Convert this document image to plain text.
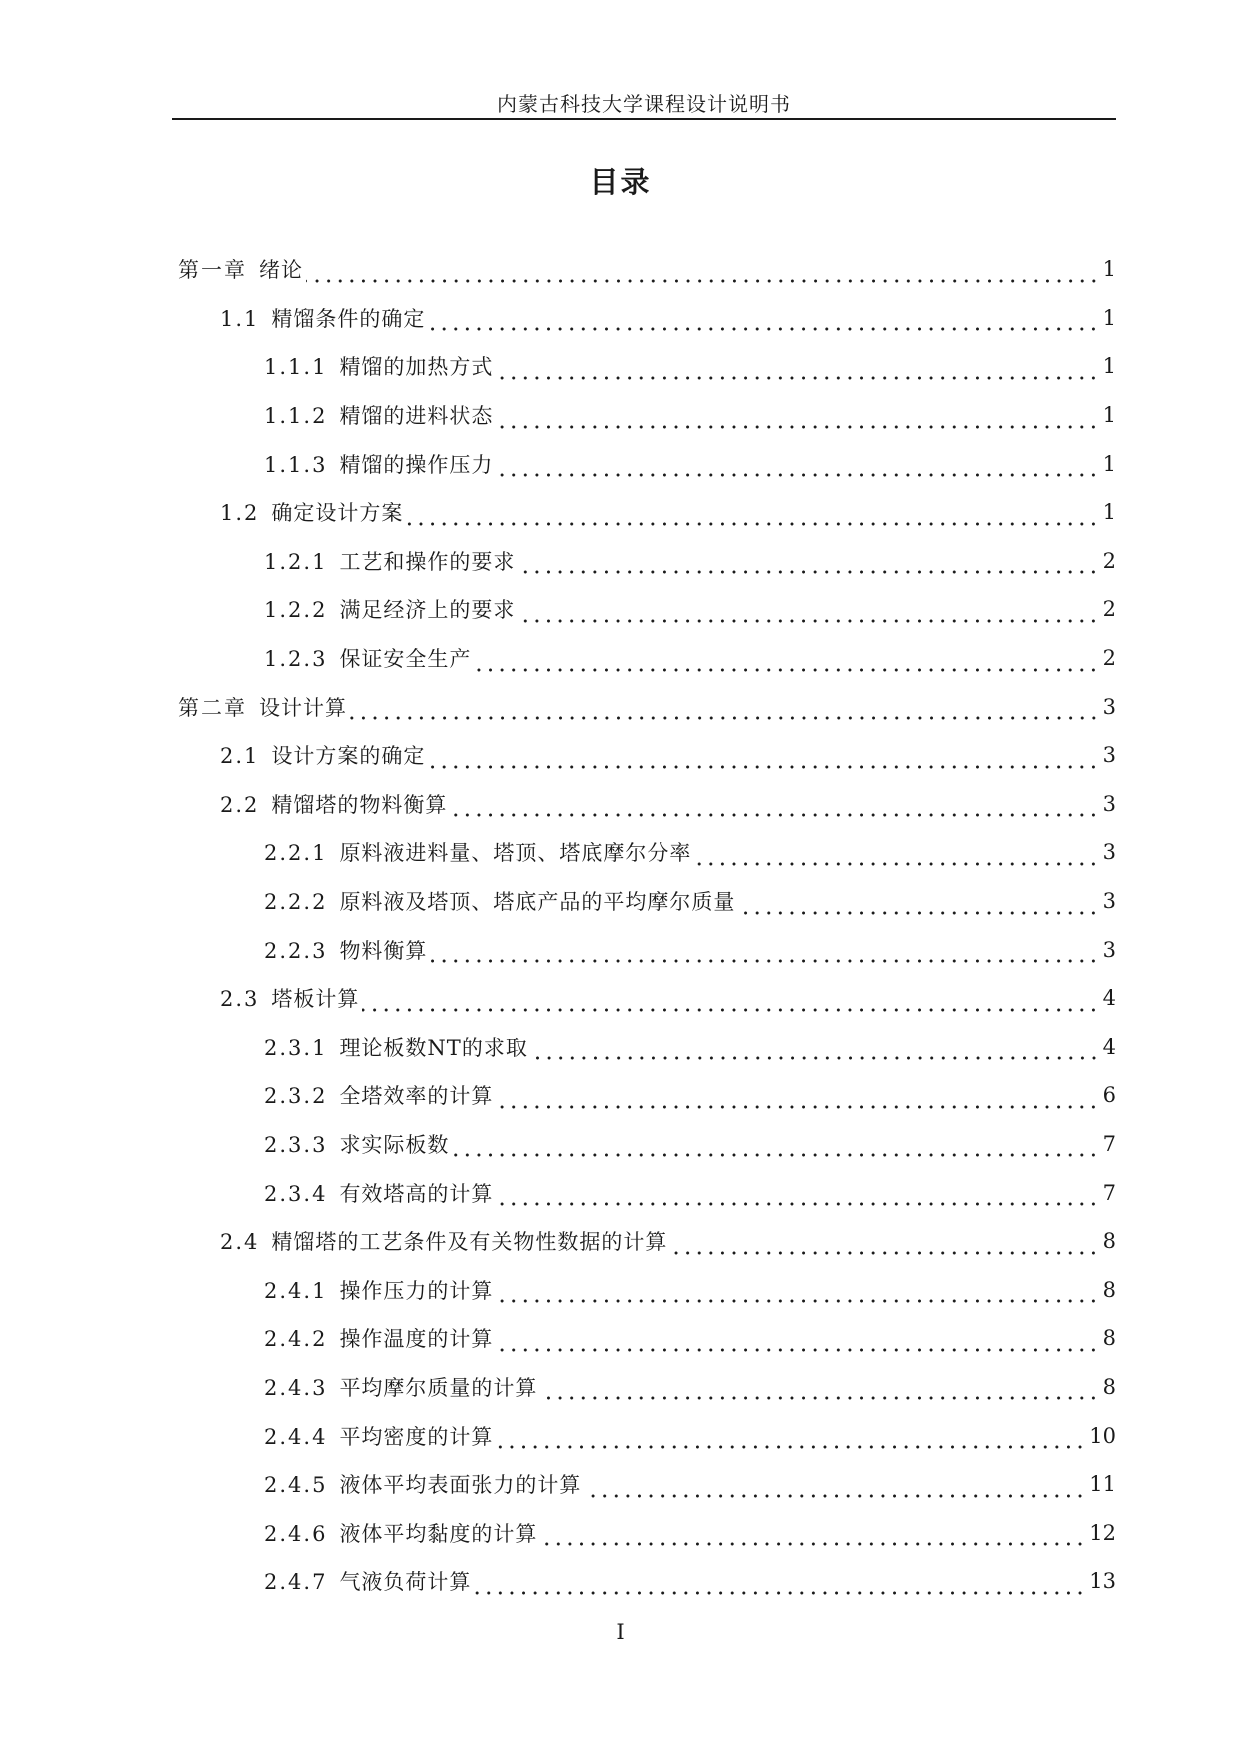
内蒙古科技大学课程设计说明书
目录
第一章 绪论	1
1.1 精馏条件的确定	1
1.1.1 精馏的加热方式	1
1.1.2 精馏的进料状态	1
1.1.3 精馏的操作压力	1
1.2 确定设计方案	1
1.2.1 工艺和操作的要求	2
1.2.2 满足经济上的要求	2
1.2.3 保证安全生产	2
第二章 设计计算	3
2.1 设计方案的确定	3
2.2 精馏塔的物料衡算	3
2.2.1 原料液进料量、塔顶、塔底摩尔分率	3
2.2.2 原料液及塔顶、塔底产品的平均摩尔质量	3
2.2.3 物料衡算	3
2.3 塔板计算	4
2.3.1 理论板数NT的求取	4
2.3.2 全塔效率的计算	6
2.3.3 求实际板数	7
2.3.4 有效塔高的计算	7
2.4 精馏塔的工艺条件及有关物性数据的计算	8
2.4.1 操作压力的计算	8
2.4.2 操作温度的计算	8
2.4.3 平均摩尔质量的计算	8
2.4.4 平均密度的计算	10
2.4.5 液体平均表面张力的计算	11
2.4.6 液体平均黏度的计算	12
2.4.7 气液负荷计算	13
I
